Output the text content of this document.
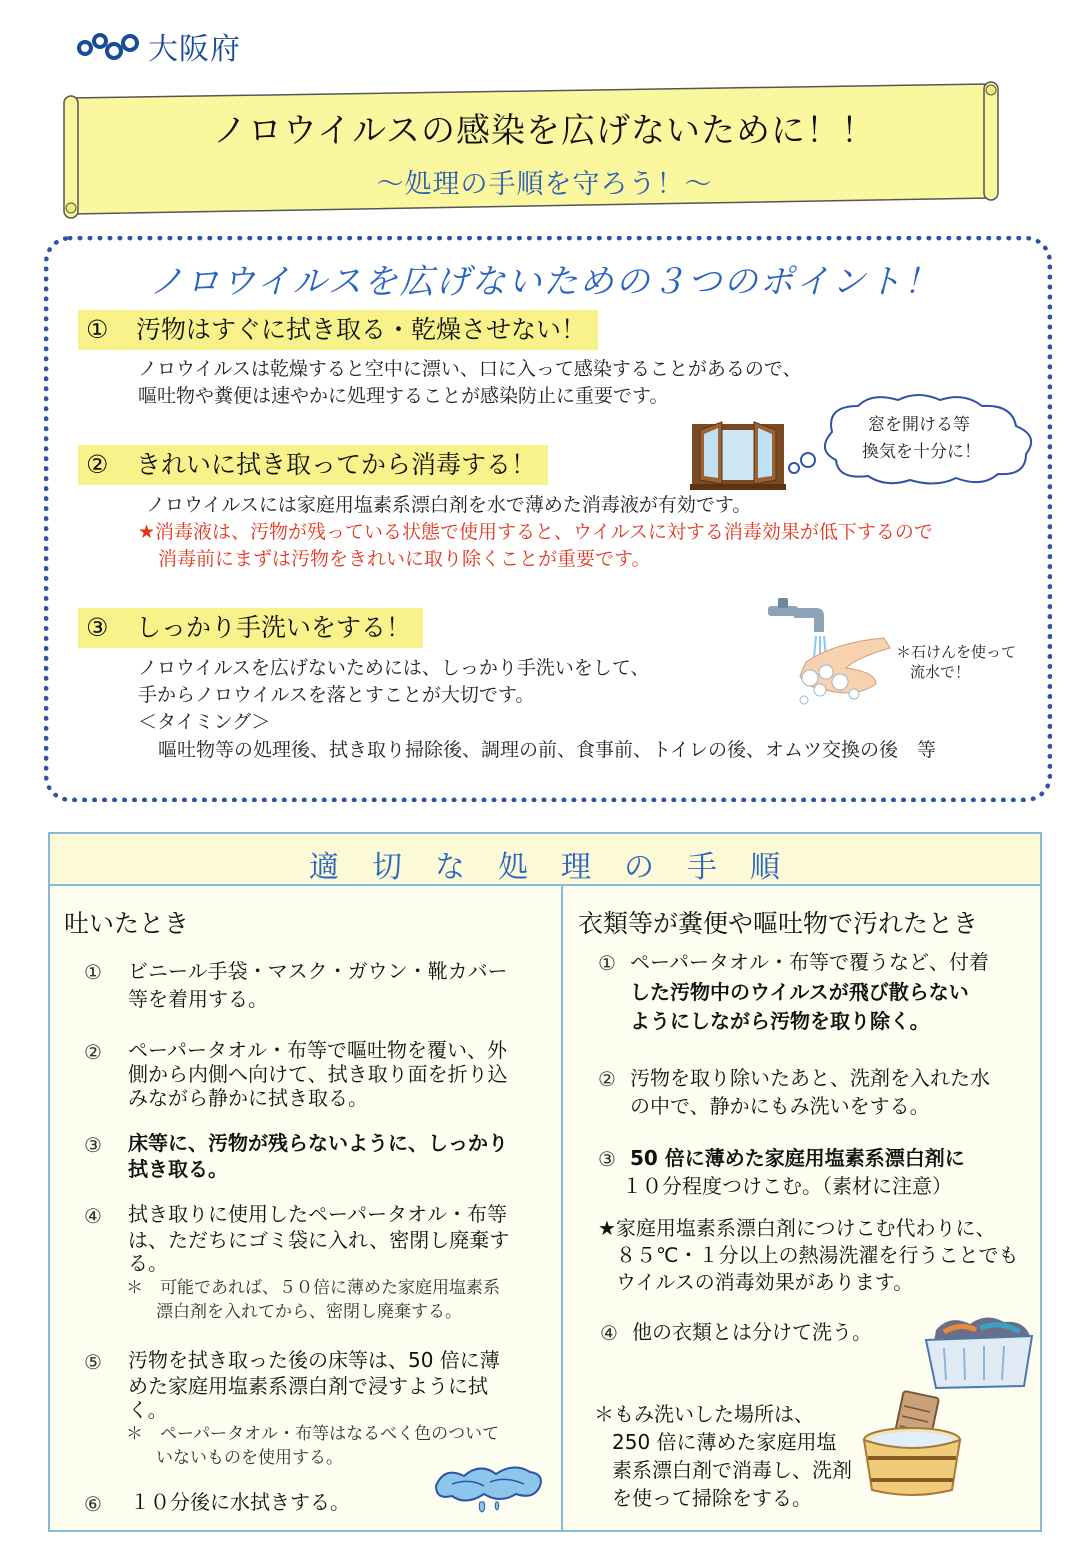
大阪府
ノロウイルスの感染を広げないために！！
～処理の手順を守ろう！～
ノロウイルスを広げないための３つのポイント！
① 汚物はすぐに拭き取る・乾燥させない！
ノロウイルスは乾燥すると空中に漂い、口に入って感染することがあるので、
嘔吐物や糞便は速やかに処理することが感染防止に重要です。
窓を開ける等
換気を十分に！
② きれいに拭き取ってから消毒する！
ノロウイルスには家庭用塩素系漂白剤を水で薄めた消毒液が有効です。
★消毒液は、汚物が残っている状態で使用すると、ウイルスに対する消毒効果が低下するので
消毒前にまずは汚物をきれいに取り除くことが重要です。
③ しっかり手洗いをする！
＊石けんを使って
流水で！
ノロウイルスを広げないためには、しっかり手洗いをして、
手からノロウイルスを落とすことが大切です。
＜タイミング＞
嘔吐物等の処理後、拭き取り掃除後、調理の前、食事前、トイレの後、オムツ交換の後　等
適切な処理の手順
吐いたとき
① ビニール手袋・マスク・ガウン・靴カバー
等を着用する。
② ペーパータオル・布等で嘔吐物を覆い、外
側から内側へ向けて、拭き取り面を折り込
みながら静かに拭き取る。
③ 床等に、汚物が残らないように、しっかり
拭き取る。
④ 拭き取りに使用したペーパータオル・布等
は、ただちにゴミ袋に入れ、密閉し廃棄す
る。
＊　可能であれば、５０倍に薄めた家庭用塩素系
漂白剤を入れてから、密閉し廃棄する。
⑤ 汚物を拭き取った後の床等は、50 倍に薄
めた家庭用塩素系漂白剤で浸すように拭
く。
＊　ペーパータオル・布等はなるべく色のついて
いないものを使用する。
⑥ １０分後に水拭きする。
衣類等が糞便や嘔吐物で汚れたとき
① ペーパータオル・布等で覆うなど、付着
した汚物中のウイルスが飛び散らない
ようにしながら汚物を取り除く。
② 汚物を取り除いたあと、洗剤を入れた水
の中で、静かにもみ洗いをする。
③ 50 倍に薄めた家庭用塩素系漂白剤に
１０分程度つけこむ。（素材に注意）
★家庭用塩素系漂白剤につけこむ代わりに、
８５℃・１分以上の熱湯洗濯を行うことでも
ウイルスの消毒効果があります。
④ 他の衣類とは分けて洗う。
＊もみ洗いした場所は、
250 倍に薄めた家庭用塩
素系漂白剤で消毒し、洗剤
を使って掃除をする。
